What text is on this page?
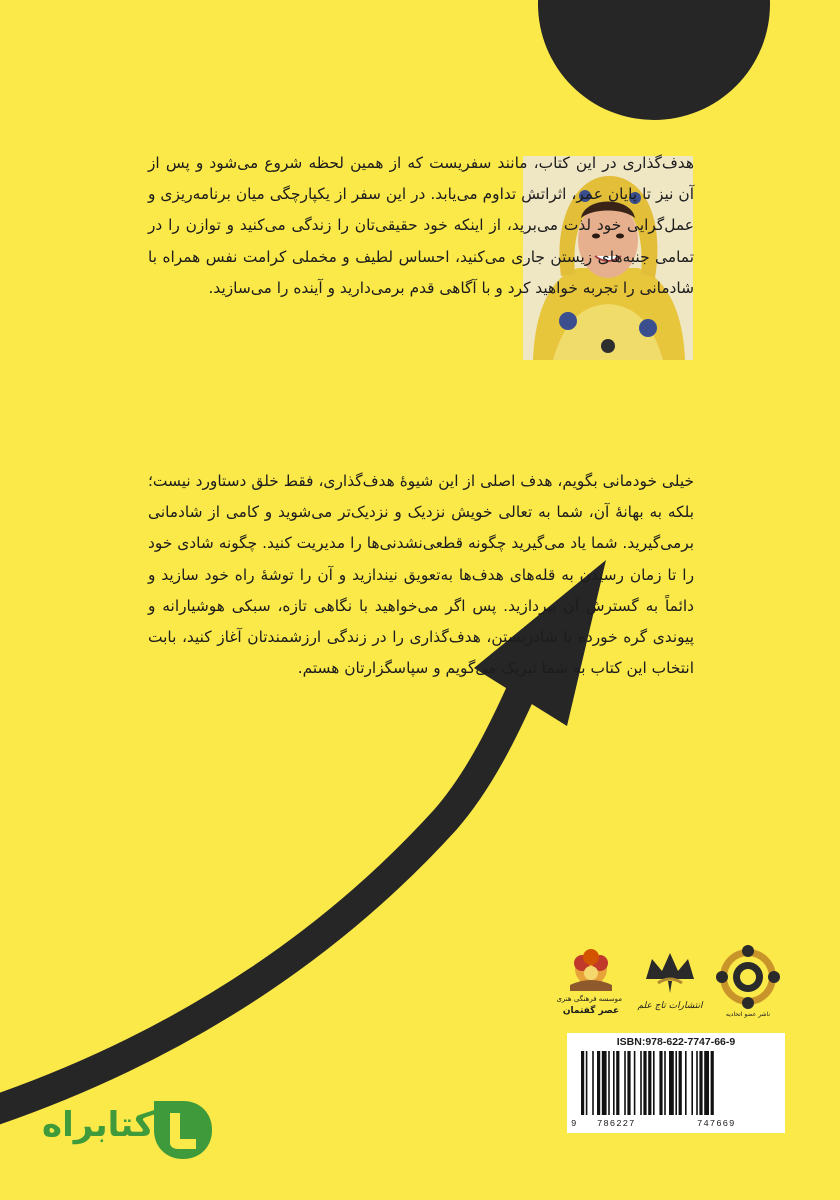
هدف‌گذاری در این کتاب، مانند سفریست که از همین لحظه شروع می‌شود و پس از آن نیز تا پایان عمر، اثراتش تداوم می‌یابد. در این سفر از یکپارچگی میان برنامه‌ریزی و عمل‌گرایی خود لذت می‌برید، از اینکه خود حقیقی‌تان را زندگی می‌کنید و توازن را در تمامی جنبه‌های زیستن جاری می‌کنید، احساس لطیف و مخملی کرامت نفس همراه با شادمانی را تجربه خواهید کرد و با آگاهی قدم برمی‌دارید و آینده را می‌سازید.

خیلی خودمانی بگویم، هدف اصلی از این شیوهٔ هدف‌گذاری، فقط خلق دستاورد نیست؛ بلکه به بهانهٔ آن، شما به تعالی خویش نزدیک و نزدیک‌تر می‌شوید و کامی از شادمانی برمی‌گیرید. شما یاد می‌گیرید چگونه قطعی‌نشدنی‌ها را مدیریت کنید. چگونه شادی خود را تا زمان رسیدن به قله‌های هدف‌ها به‌تعویق نیندازید و آن را توشهٔ راه خود سازید و دائماً به گسترش آن بپردازید. پس اگر می‌خواهید با نگاهی تازه، سبکی هوشیارانه و پیوندی گره خورده با شادزیستن، هدف‌گذاری را در زندگی ارزشمندتان آغاز کنید، بابت انتخاب این کتاب به شما تبریک می‌گویم و سپاسگزارتان هستم.

موسسه فرهنگی هنری
عصر گفتمان	انتشارات تاج علم
ناشر عضو اتحادیه
ISBN:978-622-7747-66-9
9 786227	747669
کتابراه
